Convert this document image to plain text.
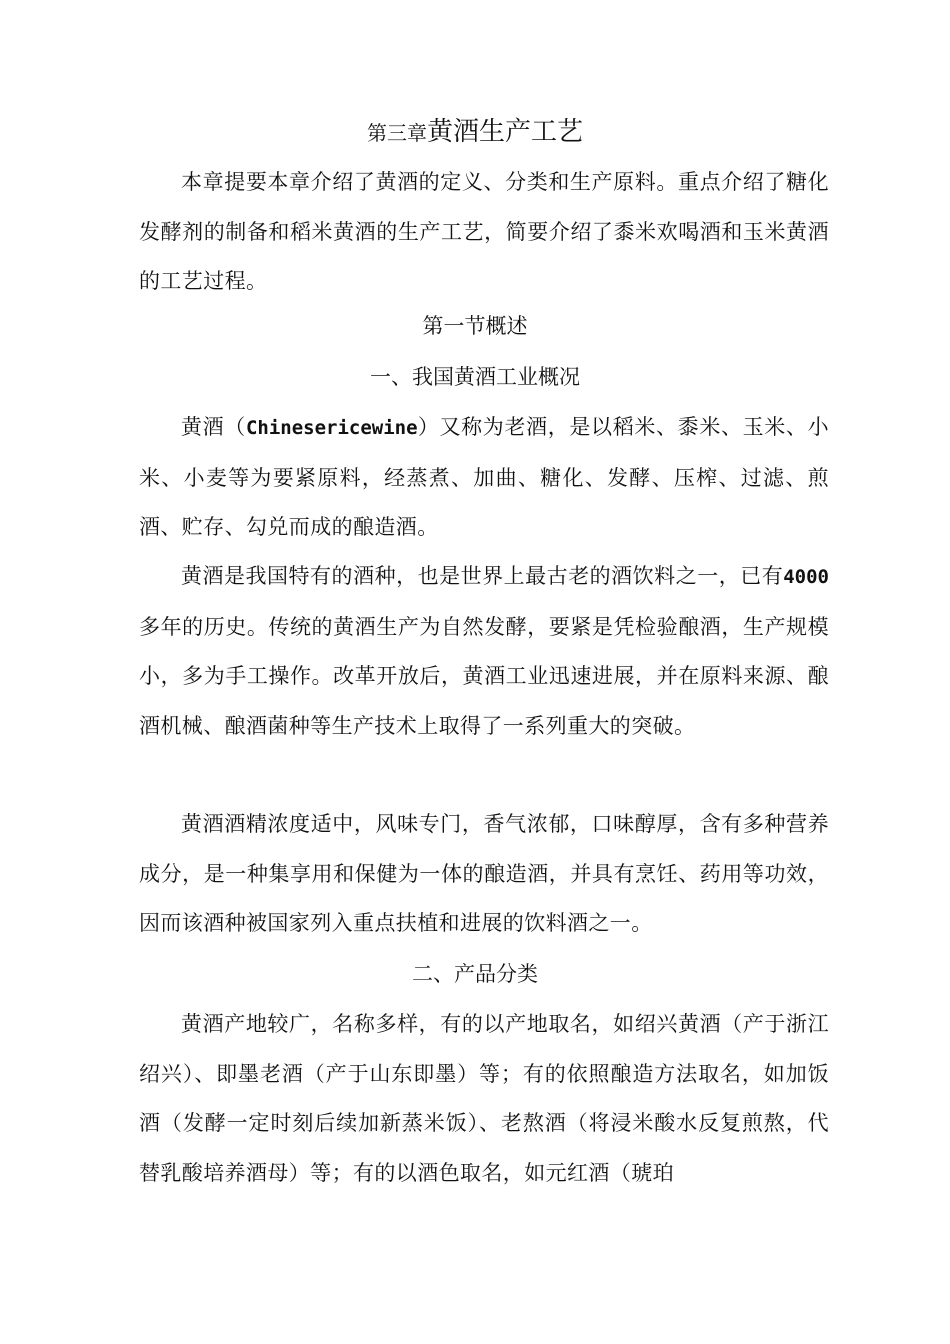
第三章黄酒生产工艺
本章提要本章介绍了黄酒的定义、分类和生产原料。重点介绍了糖化发酵剂的制备和稻米黄酒的生产工艺，简要介绍了黍米欢喝酒和玉米黄酒的工艺过程。
第一节概述
一、我国黄酒工业概况
黄酒（Chinesericewine）又称为老酒，是以稻米、黍米、玉米、小米、小麦等为要紧原料，经蒸煮、加曲、糖化、发酵、压榨、过滤、煎酒、贮存、勾兑而成的酿造酒。
黄酒是我国特有的酒种，也是世界上最古老的酒饮料之一，已有4000多年的历史。传统的黄酒生产为自然发酵，要紧是凭检验酿酒，生产规模小，多为手工操作。改革开放后，黄酒工业迅速进展，并在原料来源、酿酒机械、酿酒菌种等生产技术上取得了一系列重大的突破。
黄酒酒精浓度适中，风味专门，香气浓郁，口味醇厚，含有多种营养成分，是一种集享用和保健为一体的酿造酒，并具有烹饪、药用等功效，因而该酒种被国家列入重点扶植和进展的饮料酒之一。
二、产品分类
黄酒产地较广，名称多样，有的以产地取名，如绍兴黄酒（产于浙江绍兴）、即墨老酒（产于山东即墨）等；有的依照酿造方法取名，如加饭酒（发酵一定时刻后续加新蒸米饭）、老熬酒（将浸米酸水反复煎熬，代替乳酸培养酒母）等；有的以酒色取名，如元红酒（琥珀
